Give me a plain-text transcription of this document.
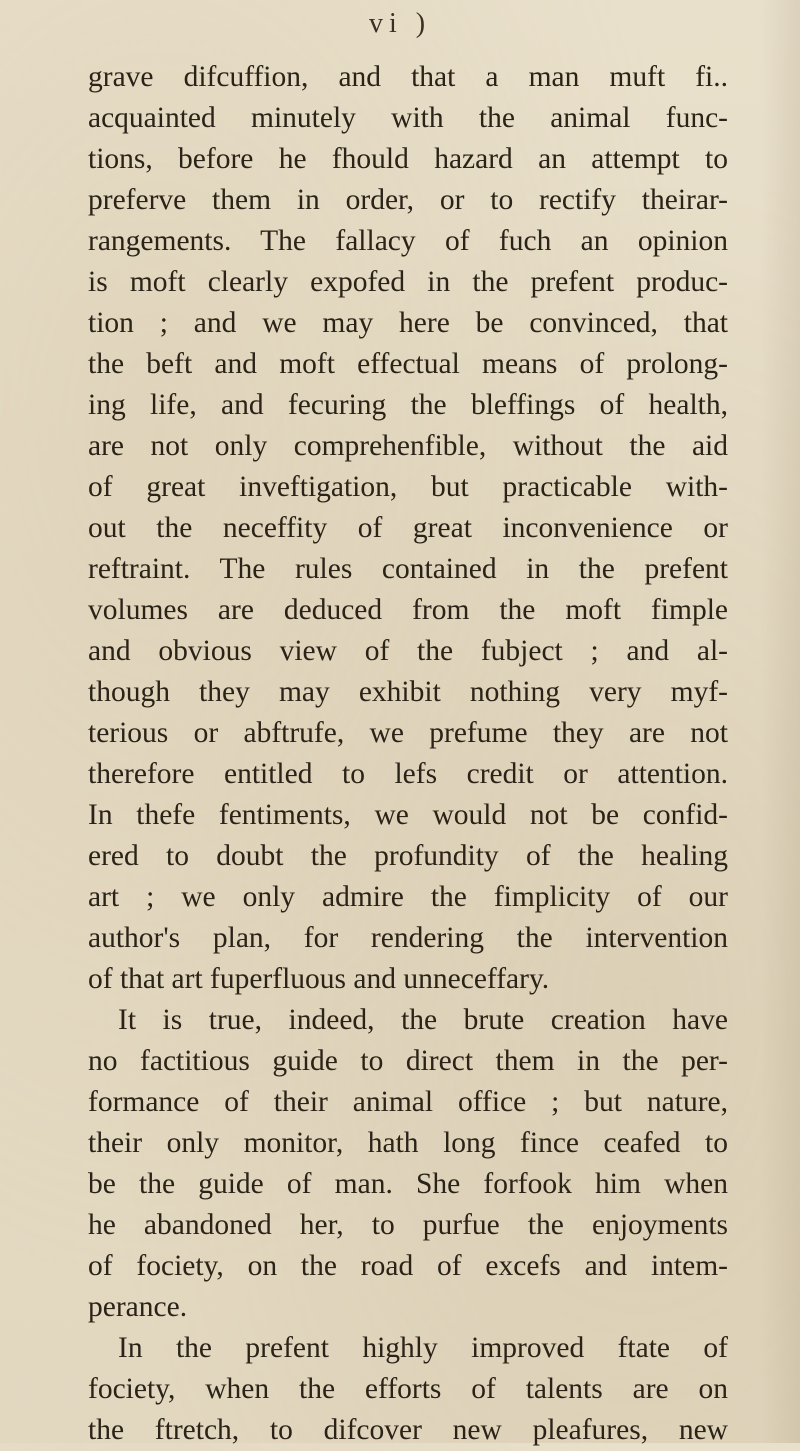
vi )
grave difcuffion, and that a man muft fi..
acquainted minutely with the animal func-
tions, before he fhould hazard an attempt to
preferve them in order, or to rectify theirar-
rangements. The fallacy of fuch an opinion
is moft clearly expofed in the prefent produc-
tion ; and we may here be convinced, that
the beft and moft effectual means of prolong-
ing life, and fecuring the bleffings of health,
are not only comprehenfible, without the aid
of great inveftigation, but practicable with-
out the neceffity of great inconvenience or
reftraint. The rules contained in the prefent
volumes are deduced from the moft fimple
and obvious view of the fubject ; and al-
though they may exhibit nothing very myf-
terious or abftrufe, we prefume they are not
therefore entitled to lefs credit or attention.
In thefe fentiments, we would not be confid-
ered to doubt the profundity of the healing
art ; we only admire the fimplicity of our
author's plan, for rendering the intervention
of that art fuperfluous and unneceffary.
It is true, indeed, the brute creation have
no factitious guide to direct them in the per-
formance of their animal office ; but nature,
their only monitor, hath long fince ceafed to
be the guide of man. She forfook him when
he abandoned her, to purfue the enjoyments
of fociety, on the road of excefs and intem-
perance.
In the prefent highly improved ftate of
fociety, when the efforts of talents are on
the ftretch, to difcover new pleafures, new
